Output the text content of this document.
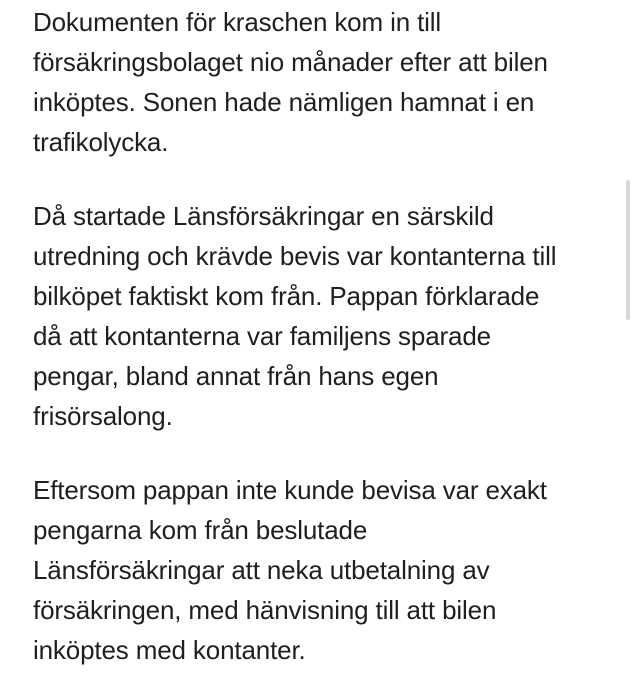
Dokumenten för kraschen kom in till
försäkringsbolaget nio månader efter att bilen
inköptes. Sonen hade nämligen hamnat i en
trafikolycka.

Då startade Länsförsäkringar en särskild
utredning och krävde bevis var kontanterna till
bilköpet faktiskt kom från. Pappan förklarade
då att kontanterna var familjens sparade
pengar, bland annat från hans egen
frisörsalong.

Eftersom pappan inte kunde bevisa var exakt
pengarna kom från beslutade
Länsförsäkringar att neka utbetalning av
försäkringen, med hänvisning till att bilen
inköptes med kontanter.
